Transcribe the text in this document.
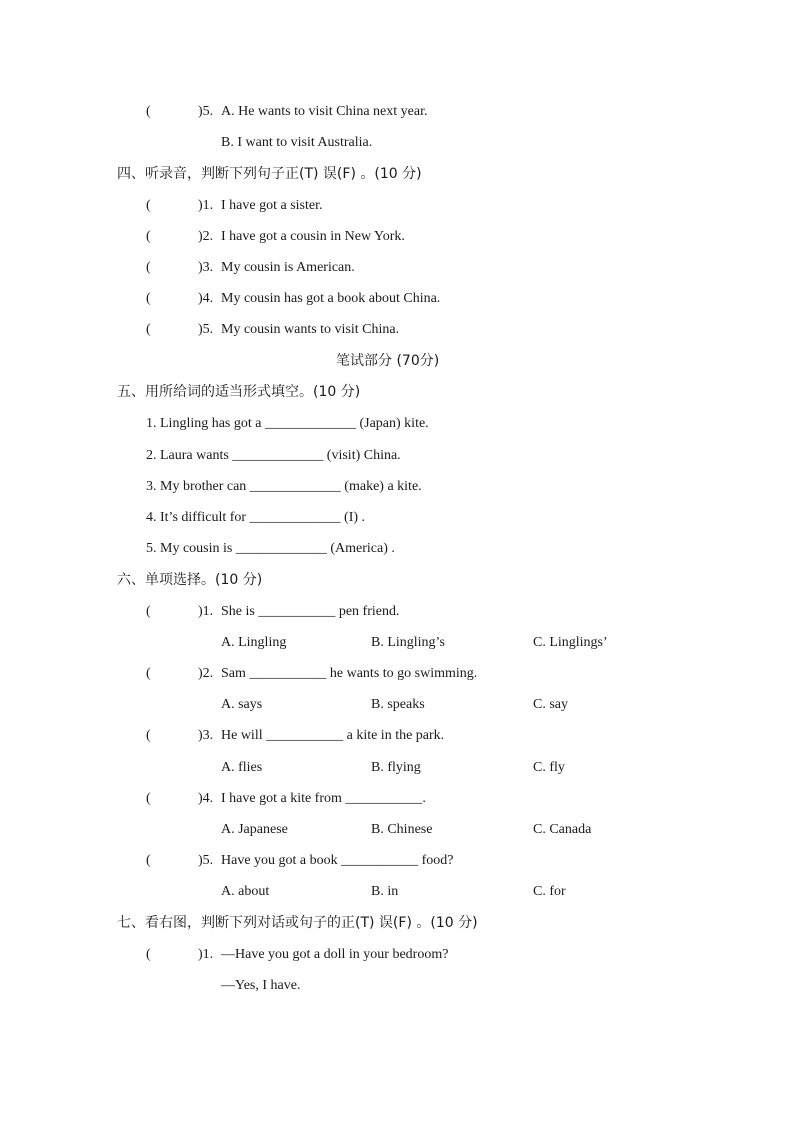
(	)5. A. He wants to visit China next year.
B. I want to visit Australia.
四、听录音，判断下列句子正(T) 误(F) 。(10 分)
(	)1. I have got a sister.
(	)2. I have got a cousin in New York.
(	)3. My cousin is American.
(	)4. My cousin has got a book about China.
(	)5. My cousin wants to visit China.
笔试部分 (70分)
五、用所给词的适当形式填空。(10 分)
1. Lingling has got a _____________ (Japan) kite.
2. Laura wants _____________ (visit) China.
3. My brother can _____________ (make) a kite.
4. It’s difficult for _____________ (I) .
5. My cousin is _____________ (America) .
六、单项选择。(10 分)
(	)1. She is ___________ pen friend.
A. Lingling	B. Lingling’s	C. Linglings’
(	)2. Sam ___________ he wants to go swimming.
A. says	B. speaks	C. say
(	)3. He will ___________ a kite in the park.
A. flies	B. flying	C. fly
(	)4. I have got a kite from ___________.
A. Japanese	B. Chinese	C. Canada
(	)5. Have you got a book ___________ food?
A. about	B. in	C. for
七、看右图，判断下列对话或句子的正(T) 误(F) 。(10 分)
(	)1. —Have you got a doll in your bedroom?
—Yes, I have.
